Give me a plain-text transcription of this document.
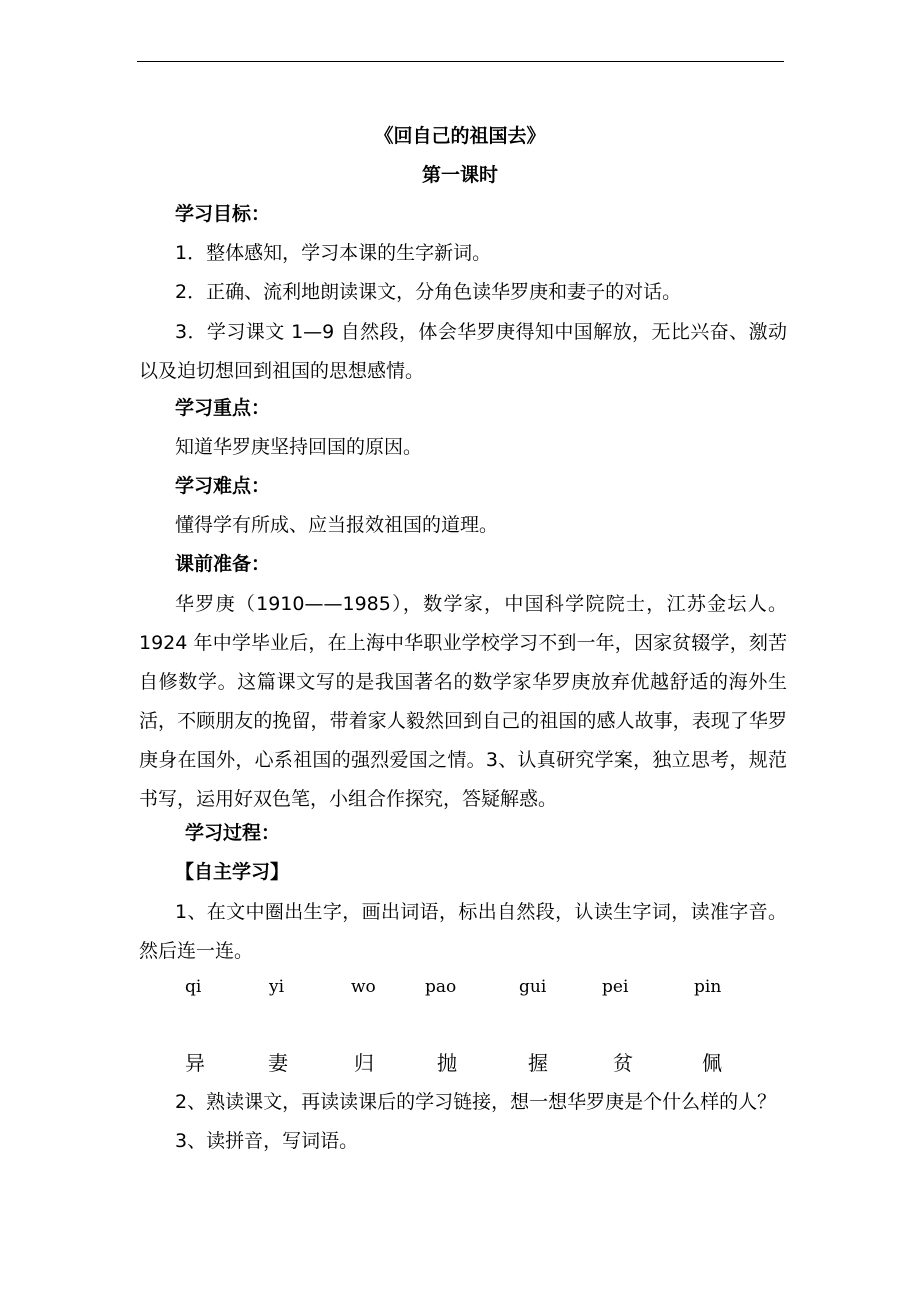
《回自己的祖国去》
第一课时
学习目标：
1．整体感知，学习本课的生字新词。
2．正确、流利地朗读课文，分角色读华罗庚和妻子的对话。
3．学习课文 1—9 自然段，体会华罗庚得知中国解放，无比兴奋、激动以及迫切想回到祖国的思想感情。
学习重点：
知道华罗庚坚持回国的原因。
学习难点：
懂得学有所成、应当报效祖国的道理。
课前准备：
华罗庚（1910——1985），数学家，中国科学院院士，江苏金坛人。1924 年中学毕业后，在上海中华职业学校学习不到一年，因家贫辍学，刻苦自修数学。这篇课文写的是我国著名的数学家华罗庚放弃优越舒适的海外生活，不顾朋友的挽留，带着家人毅然回到自己的祖国的感人故事，表现了华罗庚身在国外，心系祖国的强烈爱国之情。3、认真研究学案，独立思考，规范书写，运用好双色笔，小组合作探究，答疑解惑。
学习过程：
【自主学习】
1、在文中圈出生字，画出词语，标出自然段，认读生字词，读准字音。然后连一连。
qi	yi	wo	pao	gui	pei	pin
异	妻	归	抛	握	贫	佩
2、熟读课文，再读读课后的学习链接，想一想华罗庚是个什么样的人？
3、读拼音，写词语。
